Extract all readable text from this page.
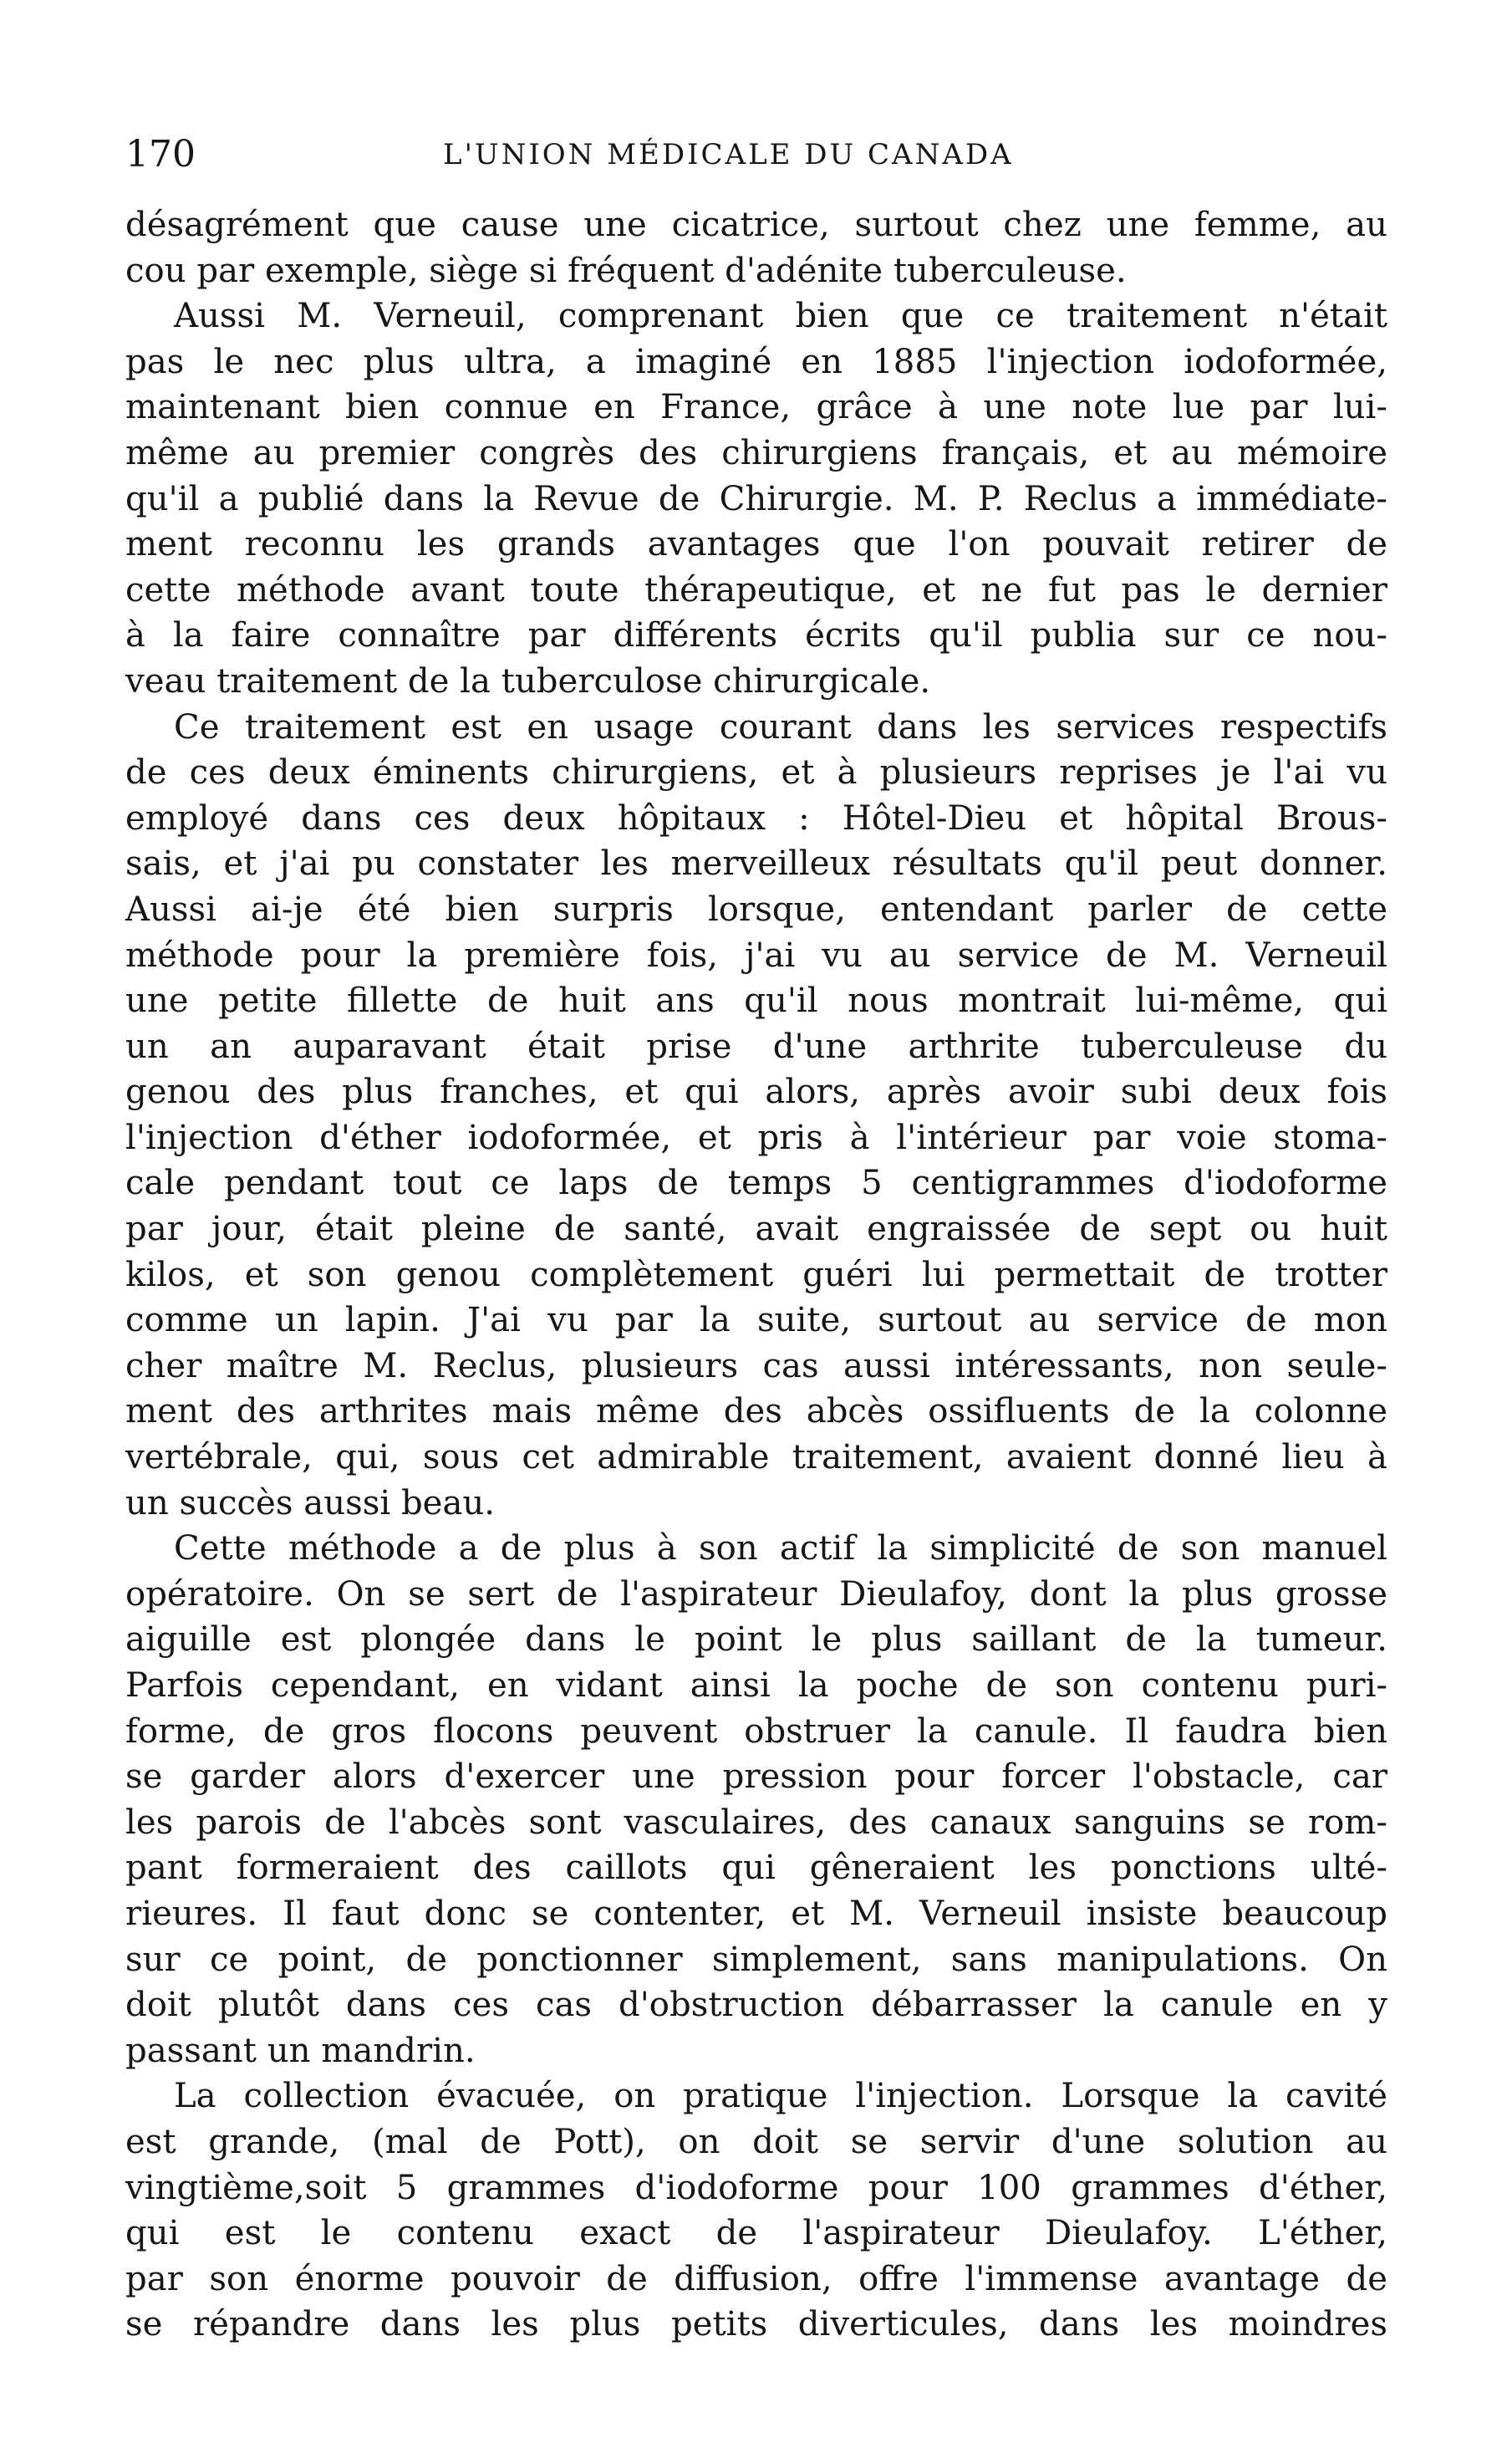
170	L'UNION MÉDICALE DU CANADA
désagrément que cause une cicatrice, surtout chez une femme, au
cou par exemple, siège si fréquent d'adénite tuberculeuse.
Aussi M. Verneuil, comprenant bien que ce traitement n'était
pas le nec plus ultra, a imaginé en 1885 l'injection iodoformée,
maintenant bien connue en France, grâce à une note lue par lui-
même au premier congrès des chirurgiens français, et au mémoire
qu'il a publié dans la Revue de Chirurgie. M. P. Reclus a immédiate-
ment reconnu les grands avantages que l'on pouvait retirer de
cette méthode avant toute thérapeutique, et ne fut pas le dernier
à la faire connaître par différents écrits qu'il publia sur ce nou-
veau traitement de la tuberculose chirurgicale.
Ce traitement est en usage courant dans les services respectifs
de ces deux éminents chirurgiens, et à plusieurs reprises je l'ai vu
employé dans ces deux hôpitaux : Hôtel-Dieu et hôpital Brous-
sais, et j'ai pu constater les merveilleux résultats qu'il peut donner.
Aussi ai-je été bien surpris lorsque, entendant parler de cette
méthode pour la première fois, j'ai vu au service de M. Verneuil
une petite fillette de huit ans qu'il nous montrait lui-même, qui
un an auparavant était prise d'une arthrite tuberculeuse du
genou des plus franches, et qui alors, après avoir subi deux fois
l'injection d'éther iodoformée, et pris à l'intérieur par voie stoma-
cale pendant tout ce laps de temps 5 centigrammes d'iodoforme
par jour, était pleine de santé, avait engraissée de sept ou huit
kilos, et son genou complètement guéri lui permettait de trotter
comme un lapin. J'ai vu par la suite, surtout au service de mon
cher maître M. Reclus, plusieurs cas aussi intéressants, non seule-
ment des arthrites mais même des abcès ossifluents de la colonne
vertébrale, qui, sous cet admirable traitement, avaient donné lieu à
un succès aussi beau.
Cette méthode a de plus à son actif la simplicité de son manuel
opératoire. On se sert de l'aspirateur Dieulafoy, dont la plus grosse
aiguille est plongée dans le point le plus saillant de la tumeur.
Parfois cependant, en vidant ainsi la poche de son contenu puri-
forme, de gros flocons peuvent obstruer la canule. Il faudra bien
se garder alors d'exercer une pression pour forcer l'obstacle, car
les parois de l'abcès sont vasculaires, des canaux sanguins se rom-
pant formeraient des caillots qui gêneraient les ponctions ulté-
rieures. Il faut donc se contenter, et M. Verneuil insiste beaucoup
sur ce point, de ponctionner simplement, sans manipulations. On
doit plutôt dans ces cas d'obstruction débarrasser la canule en y
passant un mandrin.
La collection évacuée, on pratique l'injection. Lorsque la cavité
est grande, (mal de Pott), on doit se servir d'une solution au
vingtième,soit 5 grammes d'iodoforme pour 100 grammes d'éther,
qui est le contenu exact de l'aspirateur Dieulafoy. L'éther,
par son énorme pouvoir de diffusion, offre l'immense avantage de
se répandre dans les plus petits diverticules, dans les moindres
